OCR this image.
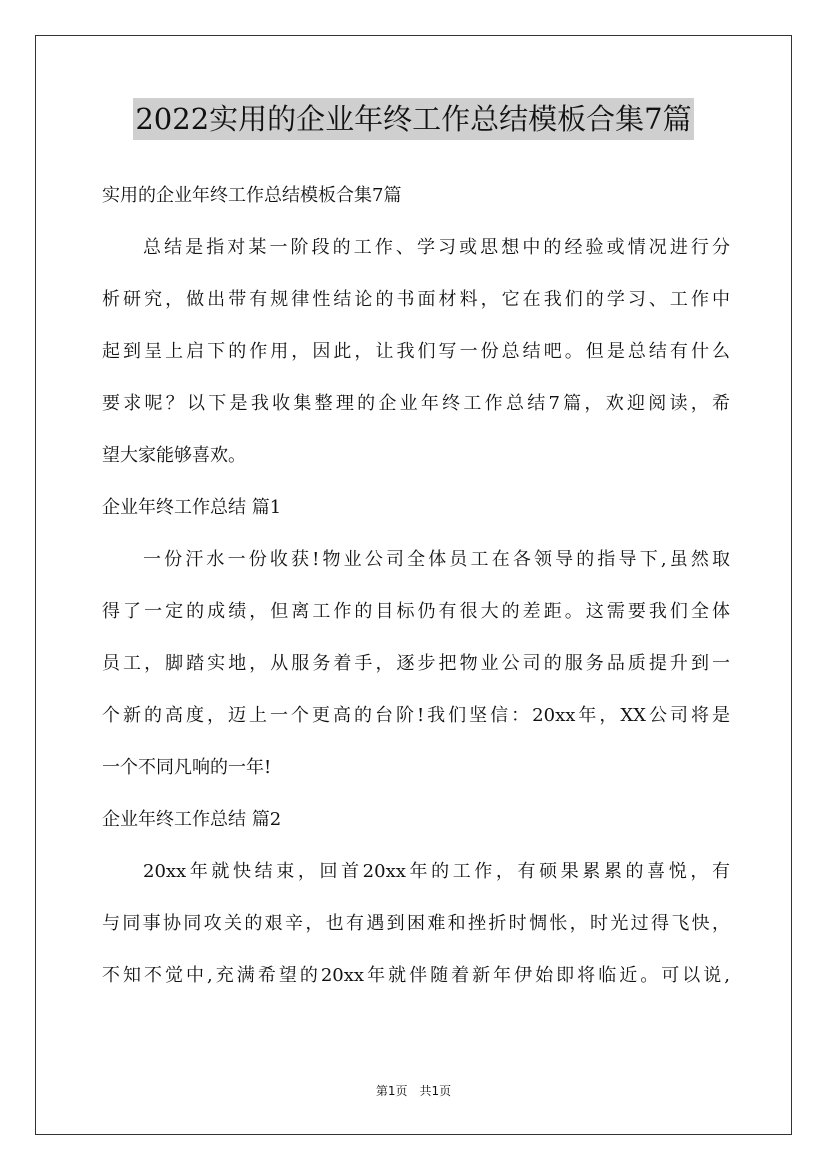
2022实用的企业年终工作总结模板合集7篇
实用的企业年终工作总结模板合集7篇
总结是指对某一阶段的工作、学习或思想中的经验或情况进行分
析研究，做出带有规律性结论的书面材料，它在我们的学习、工作中
起到呈上启下的作用，因此，让我们写一份总结吧。但是总结有什么
要求呢？以下是我收集整理的企业年终工作总结7篇，欢迎阅读，希
望大家能够喜欢。
企业年终工作总结 篇1
一份汗水一份收获!物业公司全体员工在各领导的指导下,虽然取
得了一定的成绩，但离工作的目标仍有很大的差距。这需要我们全体
员工，脚踏实地，从服务着手，逐步把物业公司的服务品质提升到一
个新的高度，迈上一个更高的台阶!我们坚信：20xx年，XX公司将是
一个不同凡响的一年!
企业年终工作总结 篇2
20xx年就快结束，回首20xx年的工作，有硕果累累的喜悦，有
与同事协同攻关的艰辛，也有遇到困难和挫折时惆怅，时光过得飞快，
不知不觉中,充满希望的20xx年就伴随着新年伊始即将临近。可以说,
第1页 共1页
